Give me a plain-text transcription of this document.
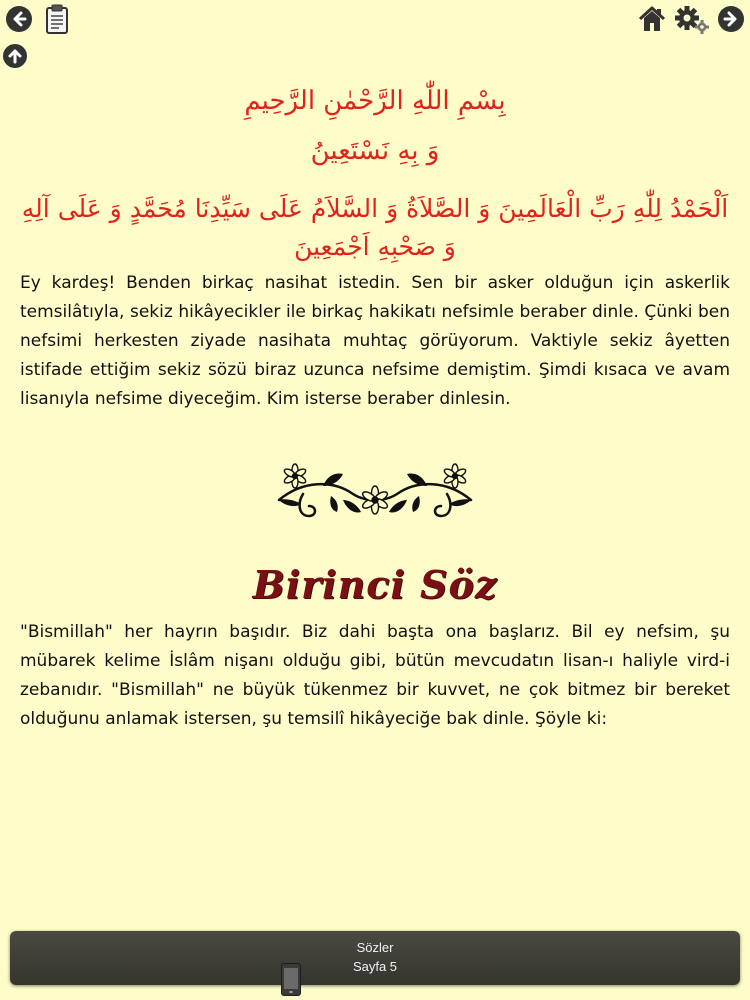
بِسْمِ اللّٰهِ الرَّحْمٰنِ الرَّحِيمِ
وَ بِهِ نَسْتَعِينُ
اَلْحَمْدُ لِلّٰهِ رَبِّ الْعَالَمِينَ وَ الصَّلاَةُ وَ السَّلاَمُ عَلَى سَيِّدِنَا مُحَمَّدٍ وَ عَلَى آلِهِ وَ صَحْبِهِ اَجْمَعِينَ
Ey kardeş! Benden birkaç nasihat istedin. Sen bir asker olduğun için askerlik temsilâtıyla, sekiz hikâyecikler ile birkaç hakikatı nefsimle beraber dinle. Çünki ben nefsimi herkesten ziyade nasihata muhtaç görüyorum. Vaktiyle sekiz âyetten istifade ettiğim sekiz sözü biraz uzunca nefsime demiştim. Şimdi kısaca ve avam lisanıyla nefsime diyeceğim. Kim isterse beraber dinlesin.
Birinci Söz
"Bismillah" her hayrın başıdır. Biz dahi başta ona başlarız. Bil ey nefsim, şu mübarek kelime İslâm nişanı olduğu gibi, bütün mevcudatın lisan-ı haliyle vird-i zebanıdır. "Bismillah" ne büyük tükenmez bir kuvvet, ne çok bitmez bir bereket olduğunu anlamak istersen, şu temsilî hikâyeciğe bak dinle. Şöyle ki:
Sözler
Sayfa 5
